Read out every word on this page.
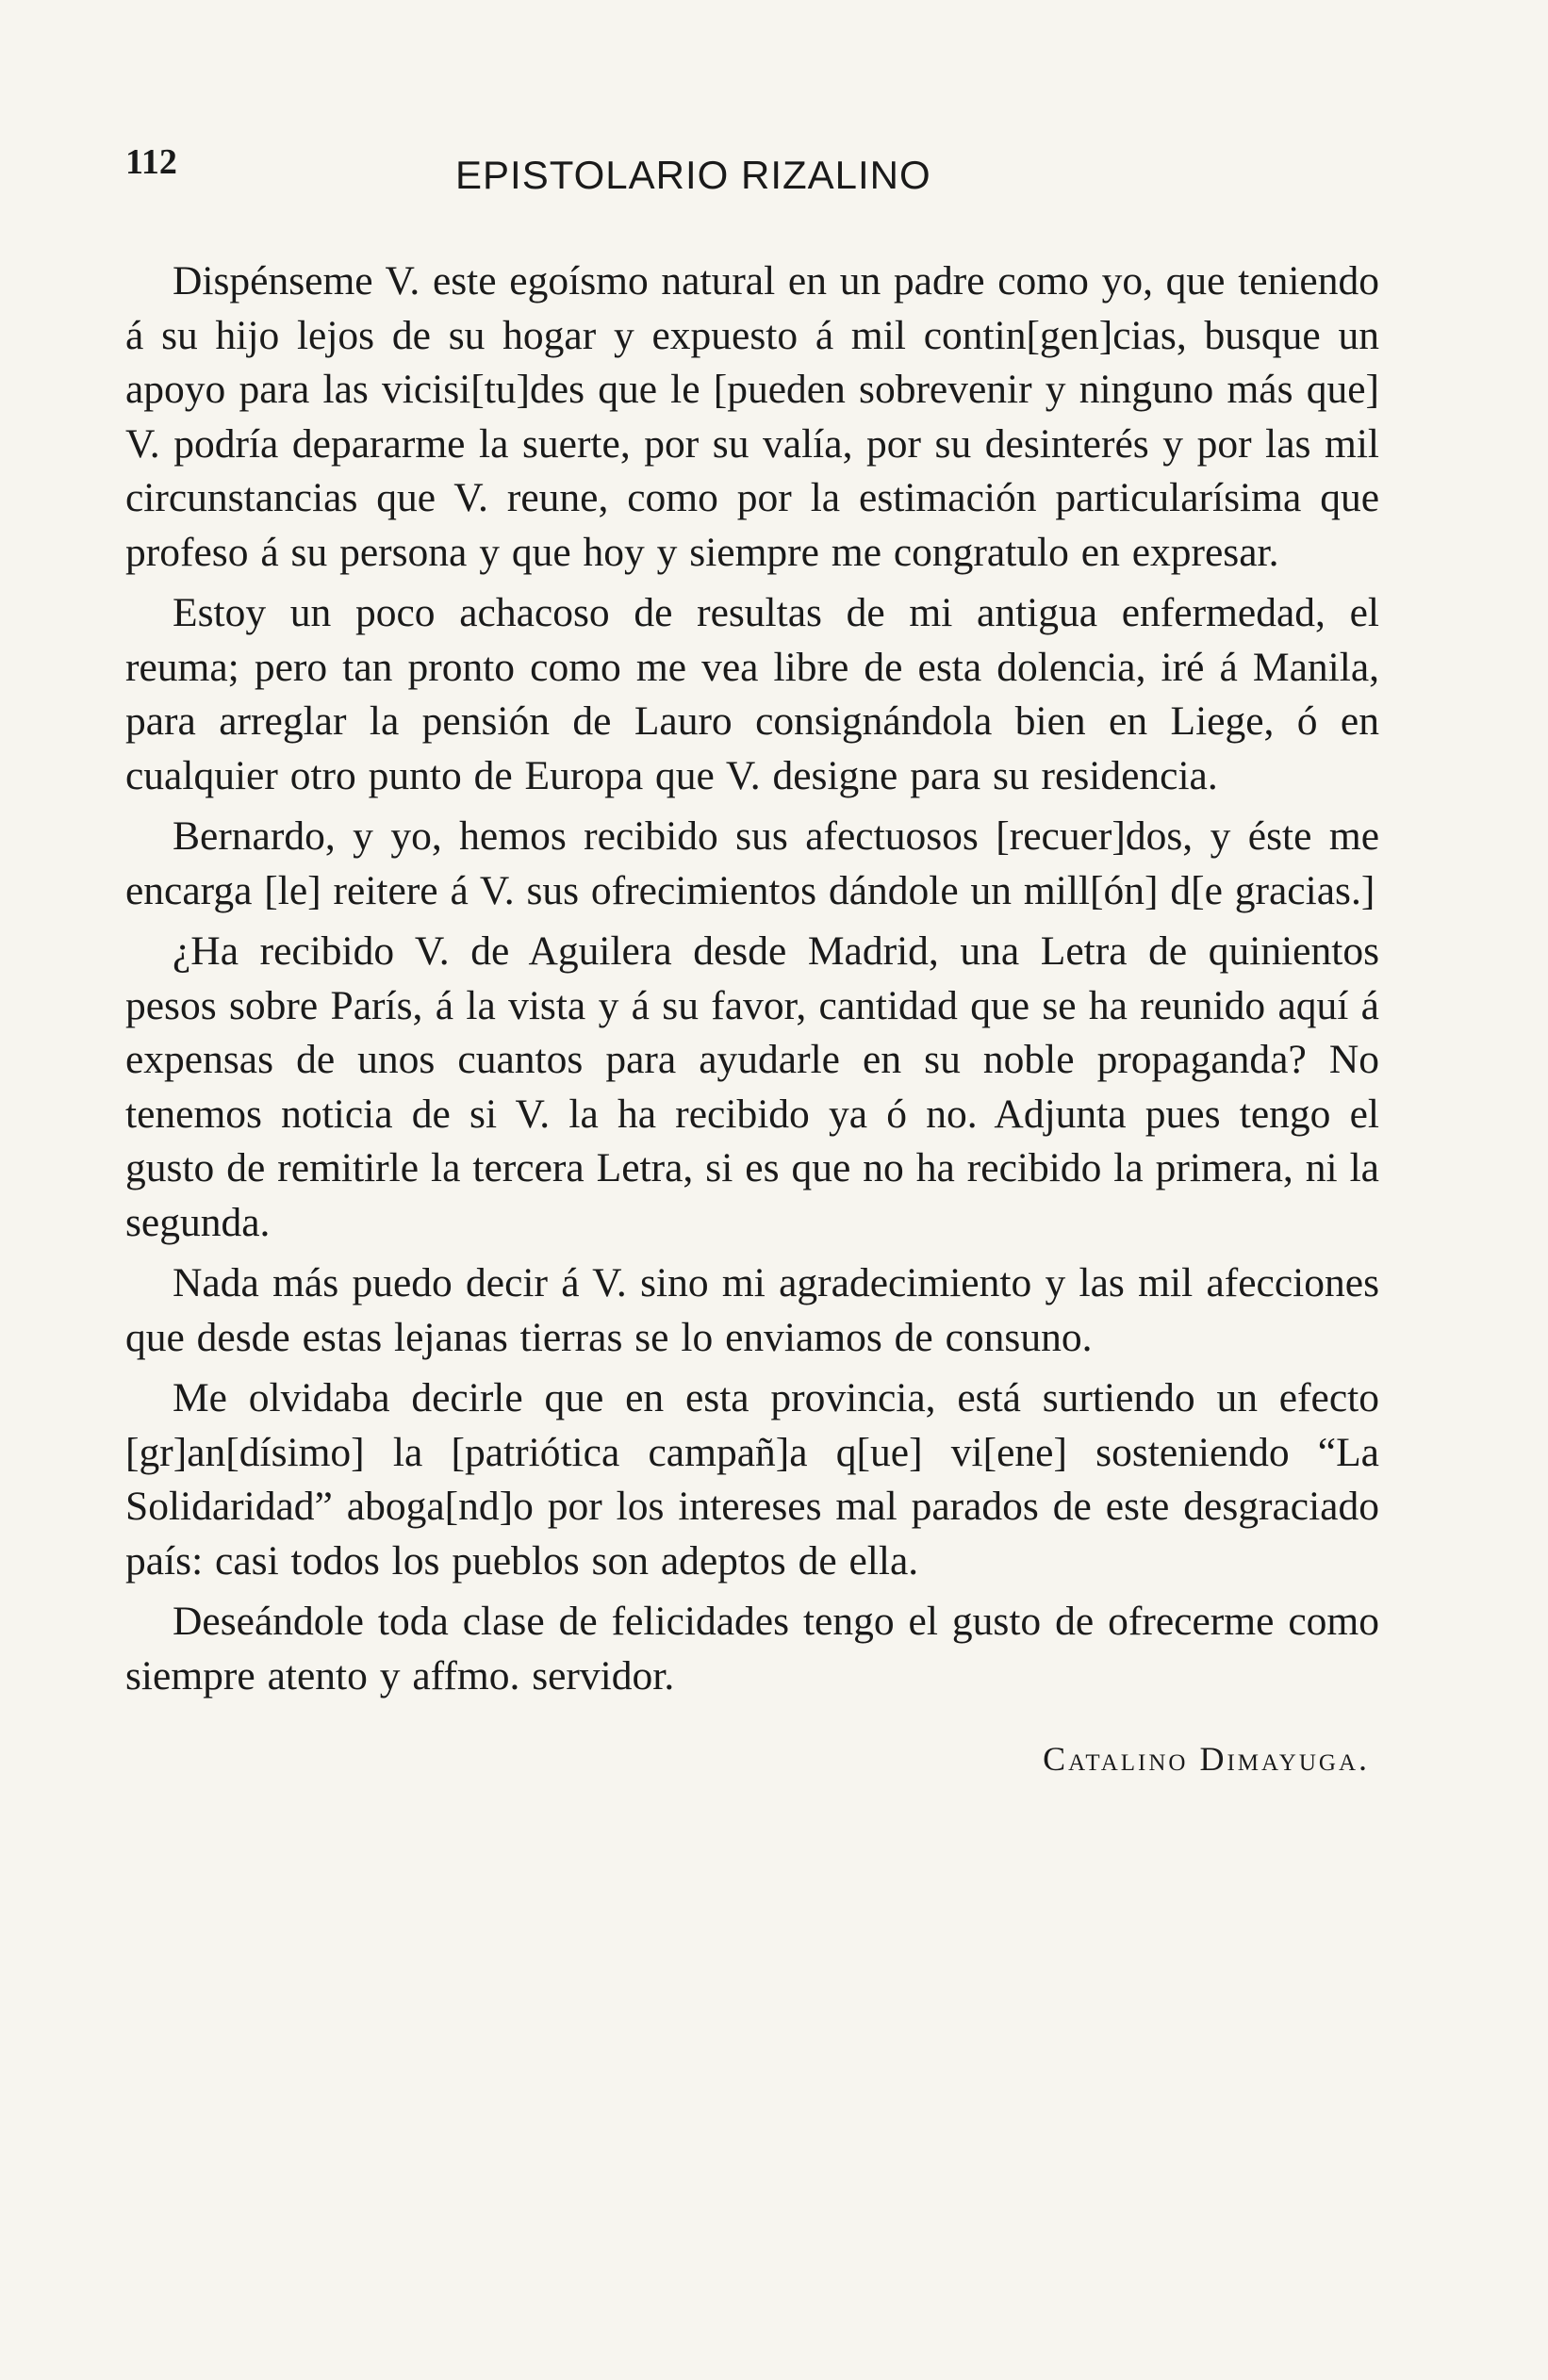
112	EPISTOLARIO RIZALINO

Dispénseme V. este egoísmo natural en un padre como yo, que teniendo á su hijo lejos de su hogar y expuesto á mil contin[gen]cias, busque un apoyo para las vicisi[tu]des que le [pueden sobrevenir y ninguno más que] V. podría depararme la suerte, por su valía, por su desinterés y por las mil circunstancias que V. reune, como por la estimación particularísima que profeso á su persona y que hoy y siempre me congratulo en expresar.

Estoy un poco achacoso de resultas de mi antigua enfermedad, el reuma; pero tan pronto como me vea libre de esta dolencia, iré á Manila, para arreglar la pensión de Lauro consignándola bien en Liege, ó en cualquier otro punto de Europa que V. designe para su residencia.

Bernardo, y yo, hemos recibido sus afectuosos [recuer]dos, y éste me encarga [le] reitere á V. sus ofrecimientos dándole un mill[ón] d[e gracias.]

¿Ha recibido V. de Aguilera desde Madrid, una Letra de quinientos pesos sobre París, á la vista y á su favor, cantidad que se ha reunido aquí á expensas de unos cuantos para ayudarle en su noble propaganda? No tenemos noticia de si V. la ha recibido ya ó no. Adjunta pues tengo el gusto de remitirle la tercera Letra, si es que no ha recibido la primera, ni la segunda.

Nada más puedo decir á V. sino mi agradecimiento y las mil afecciones que desde estas lejanas tierras se lo enviamos de consuno.

Me olvidaba decirle que en esta provincia, está surtiendo un efecto [gr]an[dísimo] la [patriótica campañ]a q[ue] vi[ene] sosteniendo “La Solidaridad” aboga[nd]o por los intereses mal parados de este desgraciado país: casi todos los pueblos son adeptos de ella.

Deseándole toda clase de felicidades tengo el gusto de ofrecerme como siempre atento y affmo. servidor.

Catalino Dimayuga.
